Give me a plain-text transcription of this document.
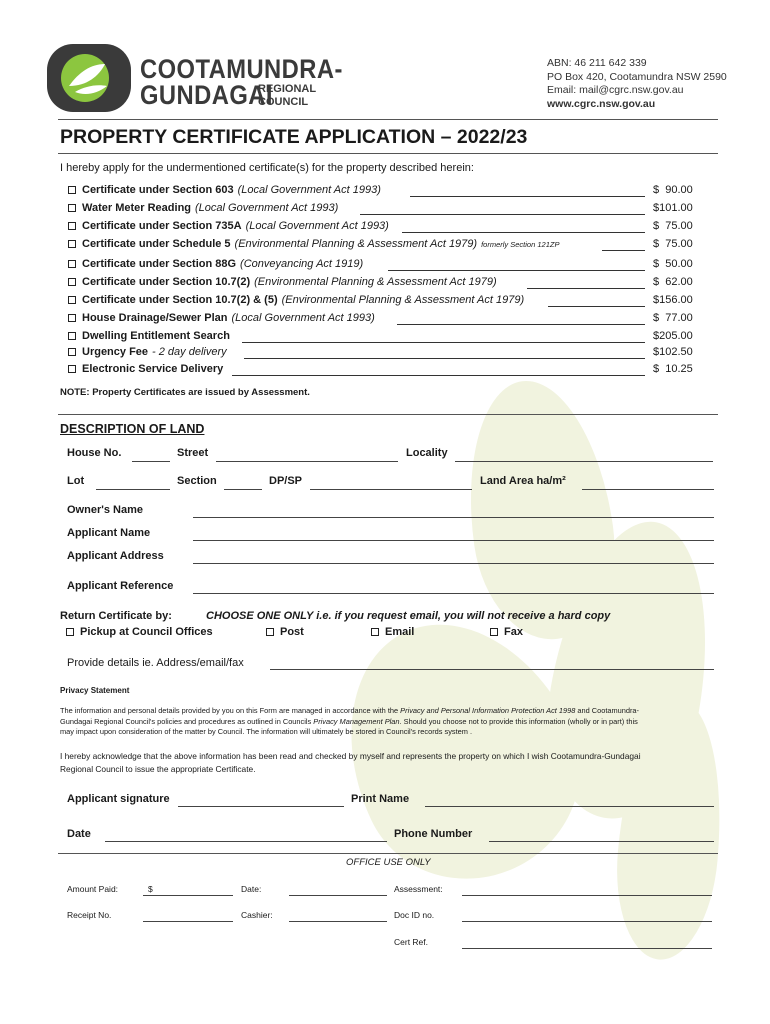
COOTAMUNDRA-
GUNDAGAI
REGIONAL
COUNCIL
ABN: 46 211 642 339
PO Box 420, Cootamundra NSW 2590
Email: mail@cgrc.nsw.gov.au
www.cgrc.nsw.gov.au
PROPERTY CERTIFICATE APPLICATION – 2022/23
I hereby apply for the undermentioned certificate(s) for the property described herein:
Certificate under Section 603 (Local Government Act 1993)	$  90.00
Water Meter Reading (Local Government Act 1993)	$101.00
Certificate under Section 735A (Local Government Act 1993)	$  75.00
Certificate under Schedule 5 (Environmental Planning & Assessment Act 1979) formerly Section 121ZP	$  75.00
Certificate under Section 88G (Conveyancing Act 1919)	$  50.00
Certificate under Section 10.7(2) (Environmental Planning & Assessment Act 1979)	$  62.00
Certificate under Section 10.7(2) & (5) (Environmental Planning & Assessment Act 1979)	$156.00
House Drainage/Sewer Plan (Local Government Act 1993)	$  77.00
Dwelling Entitlement Search	$205.00
Urgency Fee - 2 day delivery	$102.50
Electronic Service Delivery	$  10.25
NOTE: Property Certificates are issued by Assessment.
DESCRIPTION OF LAND
House No.	Street	Locality
Lot	Section	DP/SP	Land Area ha/m²
Owner's Name
Applicant Name
Applicant Address
Applicant Reference
Return Certificate by:	CHOOSE ONE ONLY i.e. if you request email, you will not receive a hard copy
Pickup at Council Offices	Post	Email	Fax
Provide details ie. Address/email/fax
Privacy Statement
The information and personal details provided by you on this Form are managed in accordance with the Privacy and Personal Information Protection Act 1998 and Cootamundra-
Gundagai Regional Council's policies and procedures as outlined in Councils Privacy Management Plan. Should you choose not to provide this information (wholly or in part) this
may impact upon consideration of the matter by Council. The information will ultimately be stored in Council's records system .
I hereby acknowledge that the above information has been read and checked by myself and represents the property on which I wish Cootamundra-Gundagai
Regional Council to issue the appropriate Certificate.
Applicant signature	Print Name
Date	Phone Number
OFFICE USE ONLY
Amount Paid:	$	Date:	Assessment:
Receipt No.	Cashier:	Doc ID no.
Cert Ref.
